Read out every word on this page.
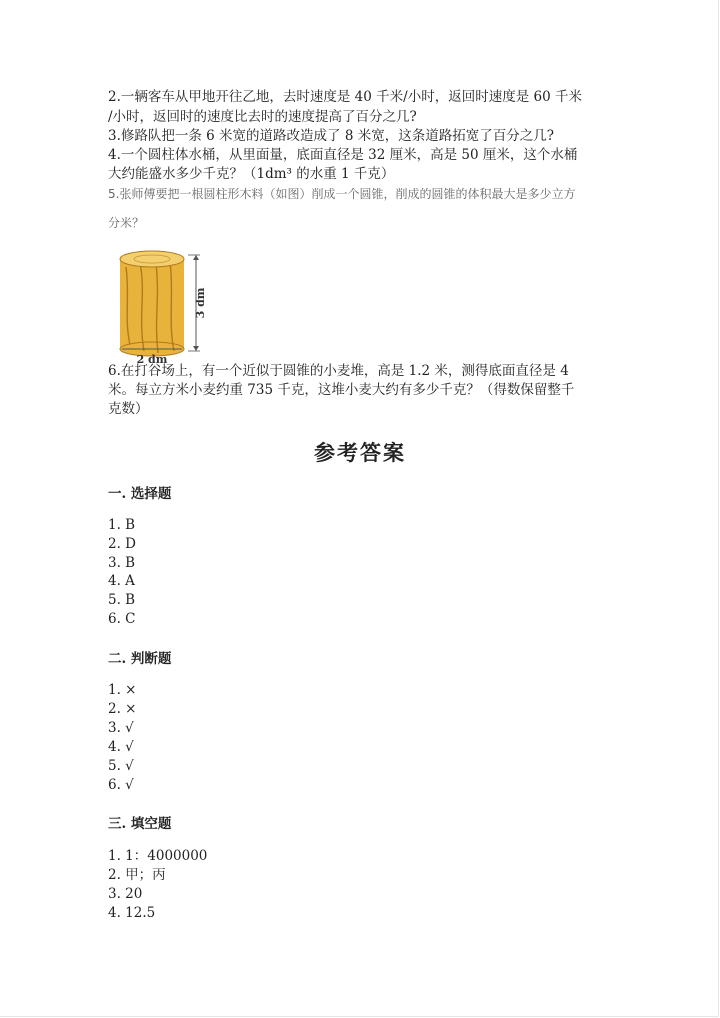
2.一辆客车从甲地开往乙地，去时速度是 40 千米/小时，返回时速度是 60 千米
/小时，返回时的速度比去时的速度提高了百分之几?
3.修路队把一条 6 米宽的道路改造成了 8 米宽，这条道路拓宽了百分之几?
4.一个圆柱体水桶，从里面量，底面直径是 32 厘米，高是 50 厘米，这个水桶
大约能盛水多少千克？（1dm³ 的水重 1 千克）
5.张师傅要把一根圆柱形木料（如图）削成一个圆锥，削成的圆锥的体积最大是多少立方
分米？
3 dm
2 dm
6.在打谷场上，有一个近似于圆锥的小麦堆，高是 1.2 米，测得底面直径是 4
米。每立方米小麦约重 735 千克，这堆小麦大约有多少千克？（得数保留整千
克数）
参考答案
一. 选择题
1. B
2. D
3. B
4. A
5. B
6. C
二. 判断题
1. ×
2. ×
3. √
4. √
5. √
6. √
三. 填空题
1. 1：4000000
2. 甲；丙
3. 20
4. 12.5
